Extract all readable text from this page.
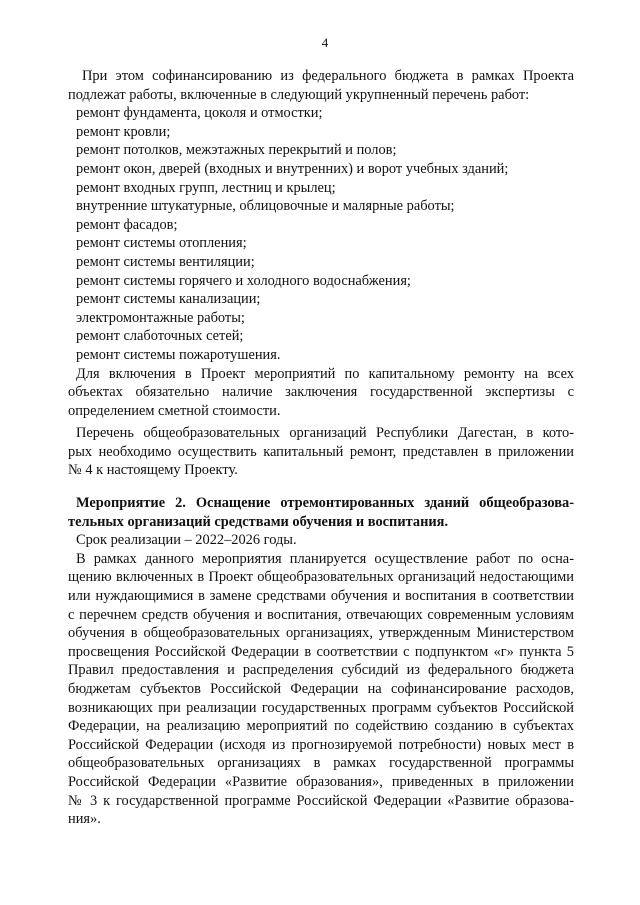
4

При этом софинансированию из федерального бюджета в рамках Проекта

подлежат работы, включенные в следующий укрупненный перечень работ:

ремонт фундамента, цоколя и отмостки;
ремонт кровли;
ремонт потолков, межэтажных перекрытий и полов;
ремонт окон, дверей (входных и внутренних) и ворот учебных зданий;
ремонт входных групп, лестниц и крылец;
внутренние штукатурные, облицовочные и малярные работы;
ремонт фасадов;
ремонт системы отопления;
ремонт системы вентиляции;
ремонт системы горячего и холодного водоснабжения;
ремонт системы канализации;
электромонтажные работы;
ремонт слаботочных сетей;
ремонт системы пожаротушения.

Для включения в Проект мероприятий по капитальному ремонту на всех

объектах обязательно наличие заключения государственной экспертизы с

определением сметной стоимости.

Перечень общеобразовательных организаций Республики Дагестан, в кото-

рых необходимо осуществить капитальный ремонт, представлен в приложении

№ 4 к настоящему Проекту.

Мероприятие 2. Оснащение отремонтированных зданий общеобразова-

тельных организаций средствами обучения и воспитания.

Срок реализации – 2022–2026 годы.

В рамках данного мероприятия планируется осуществление работ по осна-

щению включенных в Проект общеобразовательных организаций недостающими

или нуждающимися в замене средствами обучения и воспитания в соответствии

с перечнем средств обучения и воспитания, отвечающих современным условиям

обучения в общеобразовательных организациях, утвержденным Министерством

просвещения Российской Федерации в соответствии с подпунктом «г» пункта 5

Правил предоставления и распределения субсидий из федерального бюджета

бюджетам субъектов Российской Федерации на софинансирование расходов,

возникающих при реализации государственных программ субъектов Российской

Федерации, на реализацию мероприятий по содействию созданию в субъектах

Российской Федерации (исходя из прогнозируемой потребности) новых мест в

общеобразовательных организациях в рамках государственной программы

Российской Федерации «Развитие образования», приведенных в приложении

№ 3 к государственной программе Российской Федерации «Развитие образова-

ния».
